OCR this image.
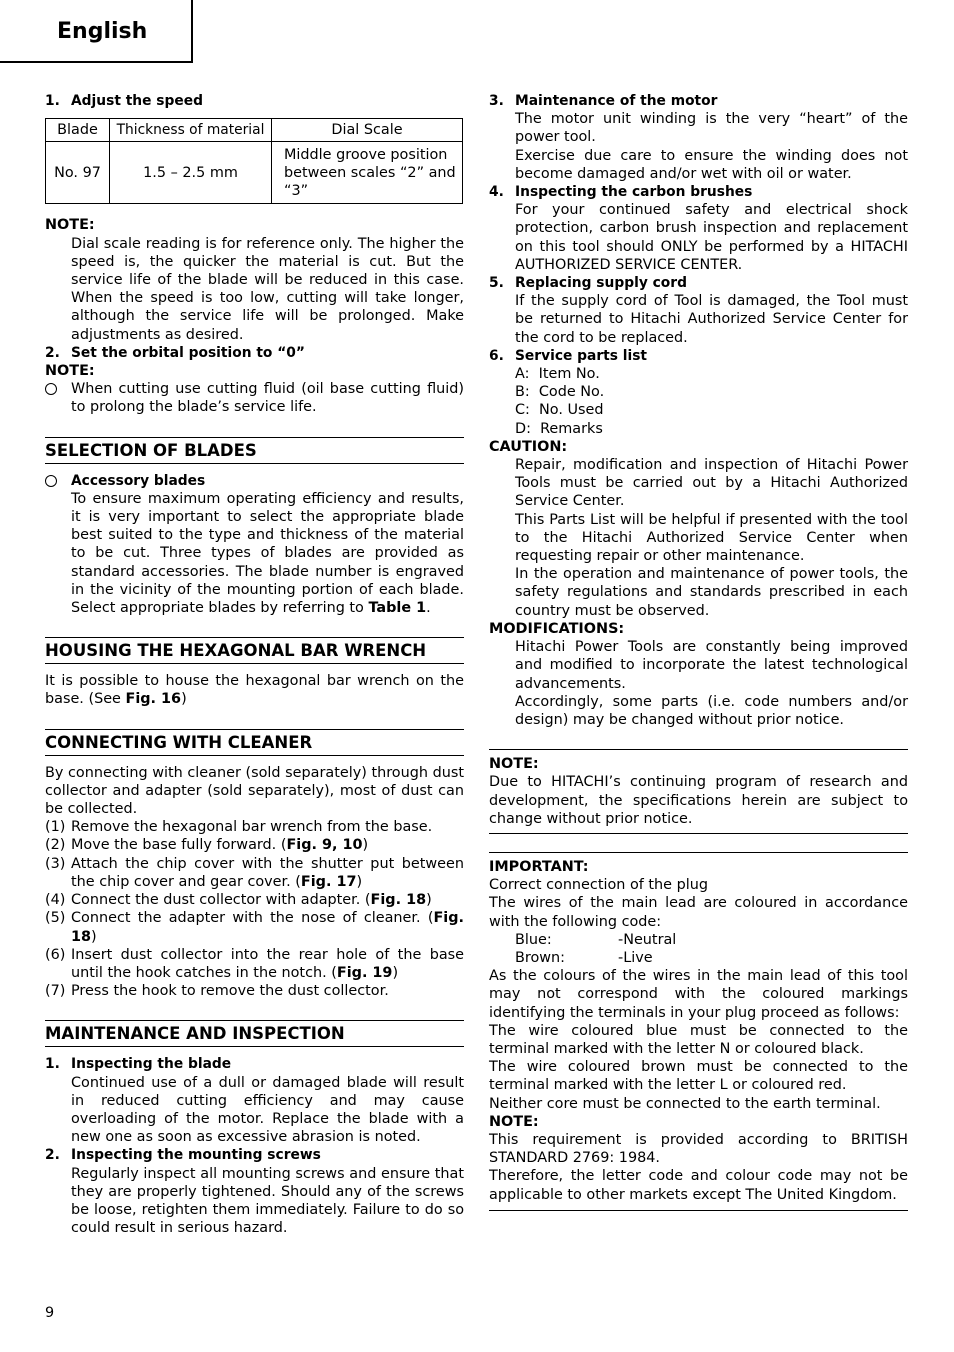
English
1. Adjust the speed
Blade	Thickness of material	Dial Scale
No. 97	1.5 – 2.5 mm	Middle groove position between scales “2” and “3”

NOTE:

Dial scale reading is for reference only. The higher the speed is, the quicker the material is cut. But the service life of the blade will be reduced in this case. When the speed is too low, cutting will take longer, although the service life will be prolonged. Make adjustments as desired.

2. Set the orbital position to “0”

NOTE:

When cutting use cutting fluid (oil base cutting fluid) to prolong the blade’s service life.

SELECTION OF BLADES

Accessory blades

To ensure maximum operating efficiency and results, it is very important to select the appropriate blade best suited to the type and thickness of the material to be cut. Three types of blades are provided as standard accessories. The blade number is engraved in the vicinity of the mounting portion of each blade. Select appropriate blades by referring to Table 1.

HOUSING THE HEXAGONAL BAR WRENCH

It is possible to house the hexagonal bar wrench on the base. (See Fig. 16)

CONNECTING WITH CLEANER

By connecting with cleaner (sold separately) through dust collector and adapter (sold separately), most of dust can be collected.

(1) Remove the hexagonal bar wrench from the base.

(2) Move the base fully forward. (Fig. 9, 10)

(3) Attach the chip cover with the shutter put between the chip cover and gear cover. (Fig. 17)

(4) Connect the dust collector with adapter. (Fig. 18)

(5) Connect the adapter with the nose of cleaner. (Fig. 18)

(6) Insert dust collector into the rear hole of the base until the hook catches in the notch. (Fig. 19)

(7) Press the hook to remove the dust collector.

MAINTENANCE AND INSPECTION
1. Inspecting the blade

Continued use of a dull or damaged blade will result in reduced cutting efficiency and may cause overloading of the motor. Replace the blade with a new one as soon as excessive abrasion is noted.

2. Inspecting the mounting screws

Regularly inspect all mounting screws and ensure that they are properly tightened. Should any of the screws be loose, retighten them immediately. Failure to do so could result in serious hazard.

3. Maintenance of the motor

The motor unit winding is the very “heart” of the power tool.

Exercise due care to ensure the winding does not become damaged and/or wet with oil or water.

4. Inspecting the carbon brushes

For your continued safety and electrical shock protection, carbon brush inspection and replacement on this tool should ONLY be performed by a HITACHI AUTHORIZED SERVICE CENTER.

5. Replacing supply cord

If the supply cord of Tool is damaged, the Tool must be returned to Hitachi Authorized Service Center for the cord to be replaced.

6. Service parts list

A:  Item No.

B:  Code No.

C:  No. Used

D:  Remarks

CAUTION:

Repair, modification and inspection of Hitachi Power Tools must be carried out by a Hitachi Authorized Service Center.

This Parts List will be helpful if presented with the tool to the Hitachi Authorized Service Center when requesting repair or other maintenance.

In the operation and maintenance of power tools, the safety regulations and standards prescribed in each country must be observed.

MODIFICATIONS:

Hitachi Power Tools are constantly being improved and modified to incorporate the latest technological advancements.

Accordingly, some parts (i.e. code numbers and/or design) may be changed without prior notice.

NOTE:

Due to HITACHI’s continuing program of research and development, the specifications herein are subject to change without prior notice.

IMPORTANT:

Correct connection of the plug

The wires of the main lead are coloured in accordance with the following code:

Blue:	-Neutral
Brown:	-Live

As the colours of the wires in the main lead of this tool may not correspond with the coloured markings identifying the terminals in your plug proceed as follows:

The wire coloured blue must be connected to the terminal marked with the letter N or coloured black.

The wire coloured brown must be connected to the terminal marked with the letter L or coloured red.

Neither core must be connected to the earth terminal.

NOTE:

This requirement is provided according to BRITISH STANDARD 2769: 1984.

Therefore, the letter code and colour code may not be applicable to other markets except The United Kingdom.

9
